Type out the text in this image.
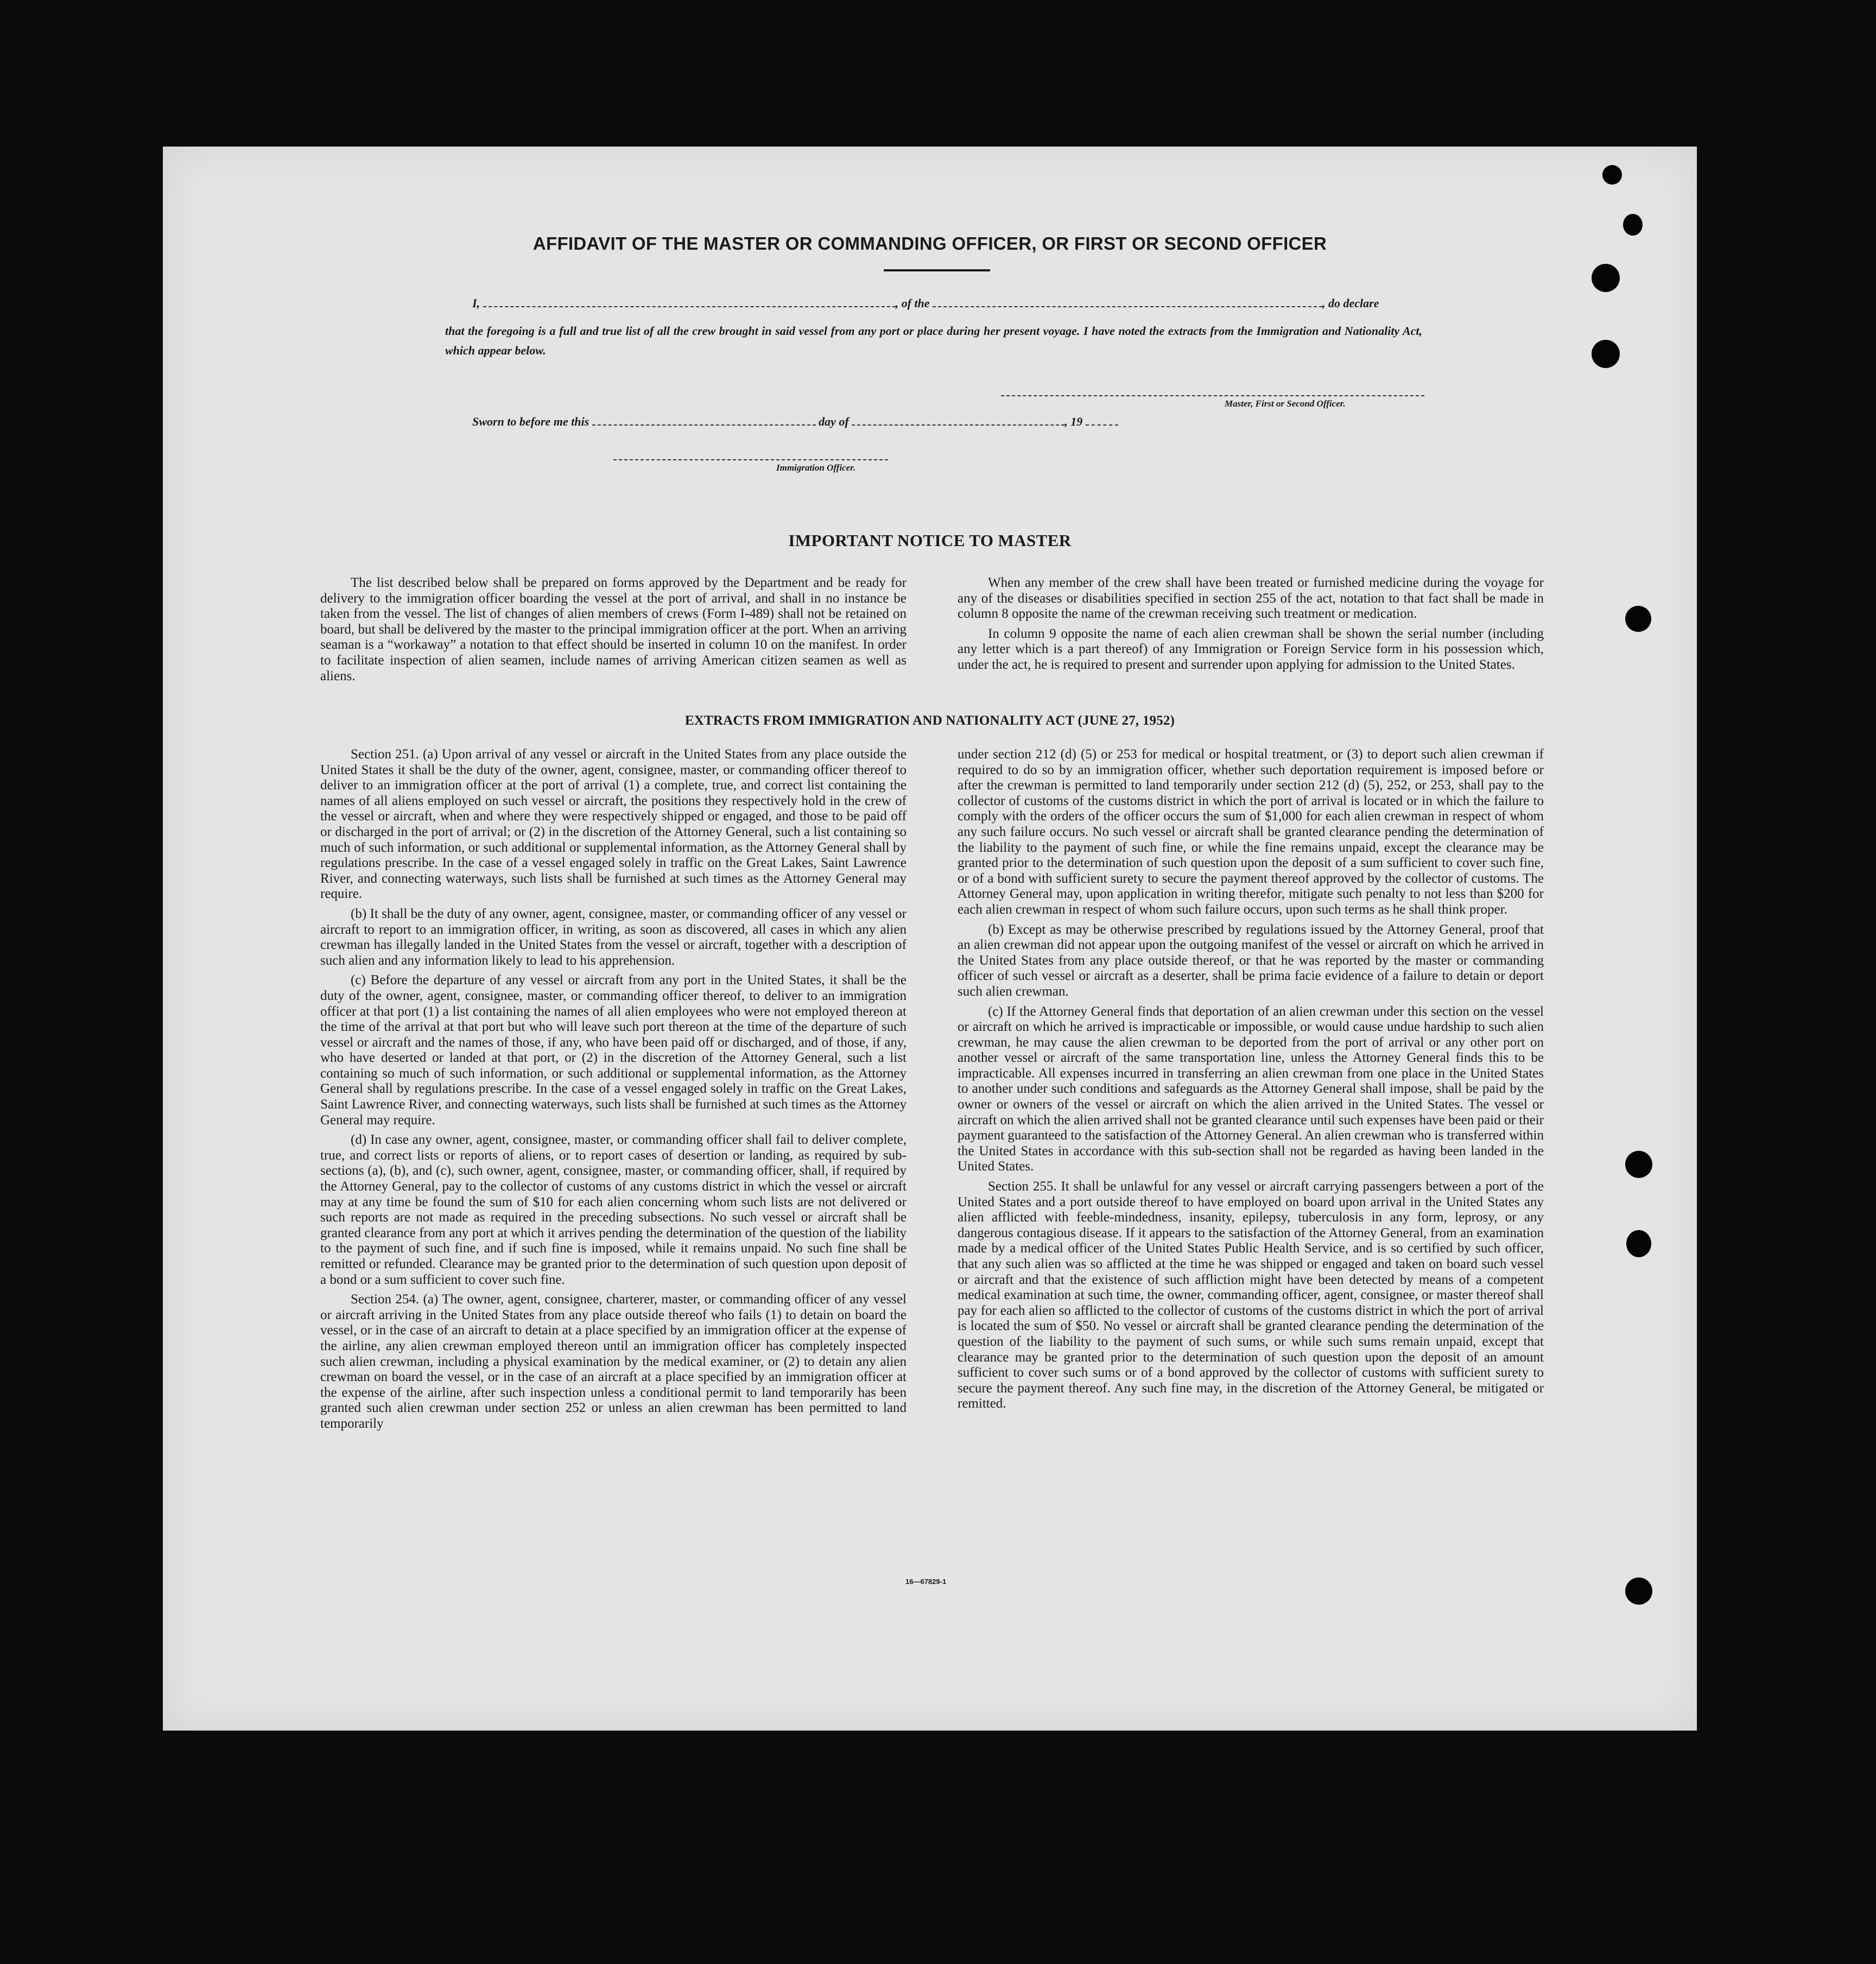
AFFIDAVIT OF THE MASTER OR COMMANDING OFFICER, OR FIRST OR SECOND OFFICER
I,	, of the	, do declare
that the foregoing is a full and true list of all the crew brought in said vessel from any port or place during her present voyage. I have noted the extracts from the Immigration and Nationality Act, which appear below.
Master, First or Second Officer.
Sworn to before me this	day of	, 19
Immigration Officer.
IMPORTANT NOTICE TO MASTER

The list described below shall be prepared on forms approved by the Department and be ready for delivery to the immigration officer boarding the vessel at the port of arrival, and shall in no instance be taken from the vessel. The list of changes of alien members of crews (Form I-489) shall not be retained on board, but shall be delivered by the master to the principal immigration officer at the port. When an arriving seaman is a “workaway” a notation to that effect should be inserted in column 10 on the manifest. In order to facilitate inspection of alien seamen, include names of arriving American citizen seamen as well as aliens.

When any member of the crew shall have been treated or furnished medicine during the voyage for any of the diseases or disabilities specified in section 255 of the act, notation to that fact shall be made in column 8 opposite the name of the crewman receiving such treatment or medication.

In column 9 opposite the name of each alien crewman shall be shown the serial number (including any letter which is a part thereof) of any Immigration or Foreign Service form in his possession which, under the act, he is required to present and surrender upon applying for admission to the United States.

EXTRACTS FROM IMMIGRATION AND NATIONALITY ACT (JUNE 27, 1952)

Section 251. (a) Upon arrival of any vessel or aircraft in the United States from any place outside the United States it shall be the duty of the owner, agent, consignee, master, or commanding officer thereof to deliver to an immigration officer at the port of arrival (1) a complete, true, and correct list containing the names of all aliens employed on such vessel or aircraft, the positions they respectively hold in the crew of the vessel or aircraft, when and where they were respectively shipped or engaged, and those to be paid off or discharged in the port of arrival; or (2) in the discretion of the Attorney General, such a list containing so much of such information, or such additional or supplemental information, as the Attorney General shall by regulations prescribe. In the case of a vessel engaged solely in traffic on the Great Lakes, Saint Lawrence River, and connecting waterways, such lists shall be furnished at such times as the Attorney General may require.

(b) It shall be the duty of any owner, agent, consignee, master, or commanding officer of any vessel or aircraft to report to an immigration officer, in writing, as soon as discovered, all cases in which any alien crewman has illegally landed in the United States from the vessel or aircraft, together with a description of such alien and any information likely to lead to his apprehension.

(c) Before the departure of any vessel or aircraft from any port in the United States, it shall be the duty of the owner, agent, consignee, master, or commanding officer thereof, to deliver to an immigration officer at that port (1) a list containing the names of all alien employees who were not employed thereon at the time of the arrival at that port but who will leave such port thereon at the time of the departure of such vessel or aircraft and the names of those, if any, who have been paid off or discharged, and of those, if any, who have deserted or landed at that port, or (2) in the discretion of the Attorney General, such a list containing so much of such information, or such additional or supplemental information, as the Attorney General shall by regulations prescribe. In the case of a vessel engaged solely in traffic on the Great Lakes, Saint Lawrence River, and connecting waterways, such lists shall be furnished at such times as the Attorney General may require.

(d) In case any owner, agent, consignee, master, or commanding officer shall fail to deliver complete, true, and correct lists or reports of aliens, or to report cases of desertion or landing, as required by sub-sections (a), (b), and (c), such owner, agent, consignee, master, or commanding officer, shall, if required by the Attorney General, pay to the collector of customs of any customs district in which the vessel or aircraft may at any time be found the sum of $10 for each alien concerning whom such lists are not delivered or such reports are not made as required in the preceding subsections. No such vessel or aircraft shall be granted clearance from any port at which it arrives pending the determination of the question of the liability to the payment of such fine, and if such fine is imposed, while it remains unpaid. No such fine shall be remitted or refunded. Clearance may be granted prior to the determination of such question upon deposit of a bond or a sum sufficient to cover such fine.

Section 254. (a) The owner, agent, consignee, charterer, master, or commanding officer of any vessel or aircraft arriving in the United States from any place outside thereof who fails (1) to detain on board the vessel, or in the case of an aircraft to detain at a place specified by an immigration officer at the expense of the airline, any alien crewman employed thereon until an immigration officer has completely inspected such alien crewman, including a physical examination by the medical examiner, or (2) to detain any alien crewman on board the vessel, or in the case of an aircraft at a place specified by an immigration officer at the expense of the airline, after such inspection unless a conditional permit to land temporarily has been granted such alien crewman under section 252 or unless an alien crewman has been permitted to land temporarily

under section 212 (d) (5) or 253 for medical or hospital treatment, or (3) to deport such alien crewman if required to do so by an immigration officer, whether such deportation requirement is imposed before or after the crewman is permitted to land temporarily under section 212 (d) (5), 252, or 253, shall pay to the collector of customs of the customs district in which the port of arrival is located or in which the failure to comply with the orders of the officer occurs the sum of $1,000 for each alien crewman in respect of whom any such failure occurs. No such vessel or aircraft shall be granted clearance pending the determination of the liability to the payment of such fine, or while the fine remains unpaid, except the clearance may be granted prior to the determination of such question upon the deposit of a sum sufficient to cover such fine, or of a bond with sufficient surety to secure the payment thereof approved by the collector of customs. The Attorney General may, upon application in writing therefor, mitigate such penalty to not less than $200 for each alien crewman in respect of whom such failure occurs, upon such terms as he shall think proper.

(b) Except as may be otherwise prescribed by regulations issued by the Attorney General, proof that an alien crewman did not appear upon the outgoing manifest of the vessel or aircraft on which he arrived in the United States from any place outside thereof, or that he was reported by the master or commanding officer of such vessel or aircraft as a deserter, shall be prima facie evidence of a failure to detain or deport such alien crewman.

(c) If the Attorney General finds that deportation of an alien crewman under this section on the vessel or aircraft on which he arrived is impracticable or impossible, or would cause undue hardship to such alien crewman, he may cause the alien crewman to be deported from the port of arrival or any other port on another vessel or aircraft of the same transportation line, unless the Attorney General finds this to be impracticable. All expenses incurred in transferring an alien crewman from one place in the United States to another under such conditions and safeguards as the Attorney General shall impose, shall be paid by the owner or owners of the vessel or aircraft on which the alien arrived in the United States. The vessel or aircraft on which the alien arrived shall not be granted clearance until such expenses have been paid or their payment guaranteed to the satisfaction of the Attorney General. An alien crewman who is transferred within the United States in accordance with this sub-section shall not be regarded as having been landed in the United States.

Section 255. It shall be unlawful for any vessel or aircraft carrying passengers between a port of the United States and a port outside thereof to have employed on board upon arrival in the United States any alien afflicted with feeble-mindedness, insanity, epilepsy, tuberculosis in any form, leprosy, or any dangerous contagious disease. If it appears to the satisfaction of the Attorney General, from an examination made by a medical officer of the United States Public Health Service, and is so certified by such officer, that any such alien was so afflicted at the time he was shipped or engaged and taken on board such vessel or aircraft and that the existence of such affliction might have been detected by means of a competent medical examination at such time, the owner, commanding officer, agent, consignee, or master thereof shall pay for each alien so afflicted to the collector of customs of the customs district in which the port of arrival is located the sum of $50. No vessel or aircraft shall be granted clearance pending the determination of the question of the liability to the payment of such sums, or while such sums remain unpaid, except that clearance may be granted prior to the determination of such question upon the deposit of an amount sufficient to cover such sums or of a bond approved by the collector of customs with sufficient surety to secure the payment thereof. Any such fine may, in the discretion of the Attorney General, be mitigated or remitted.

16—67829-1
